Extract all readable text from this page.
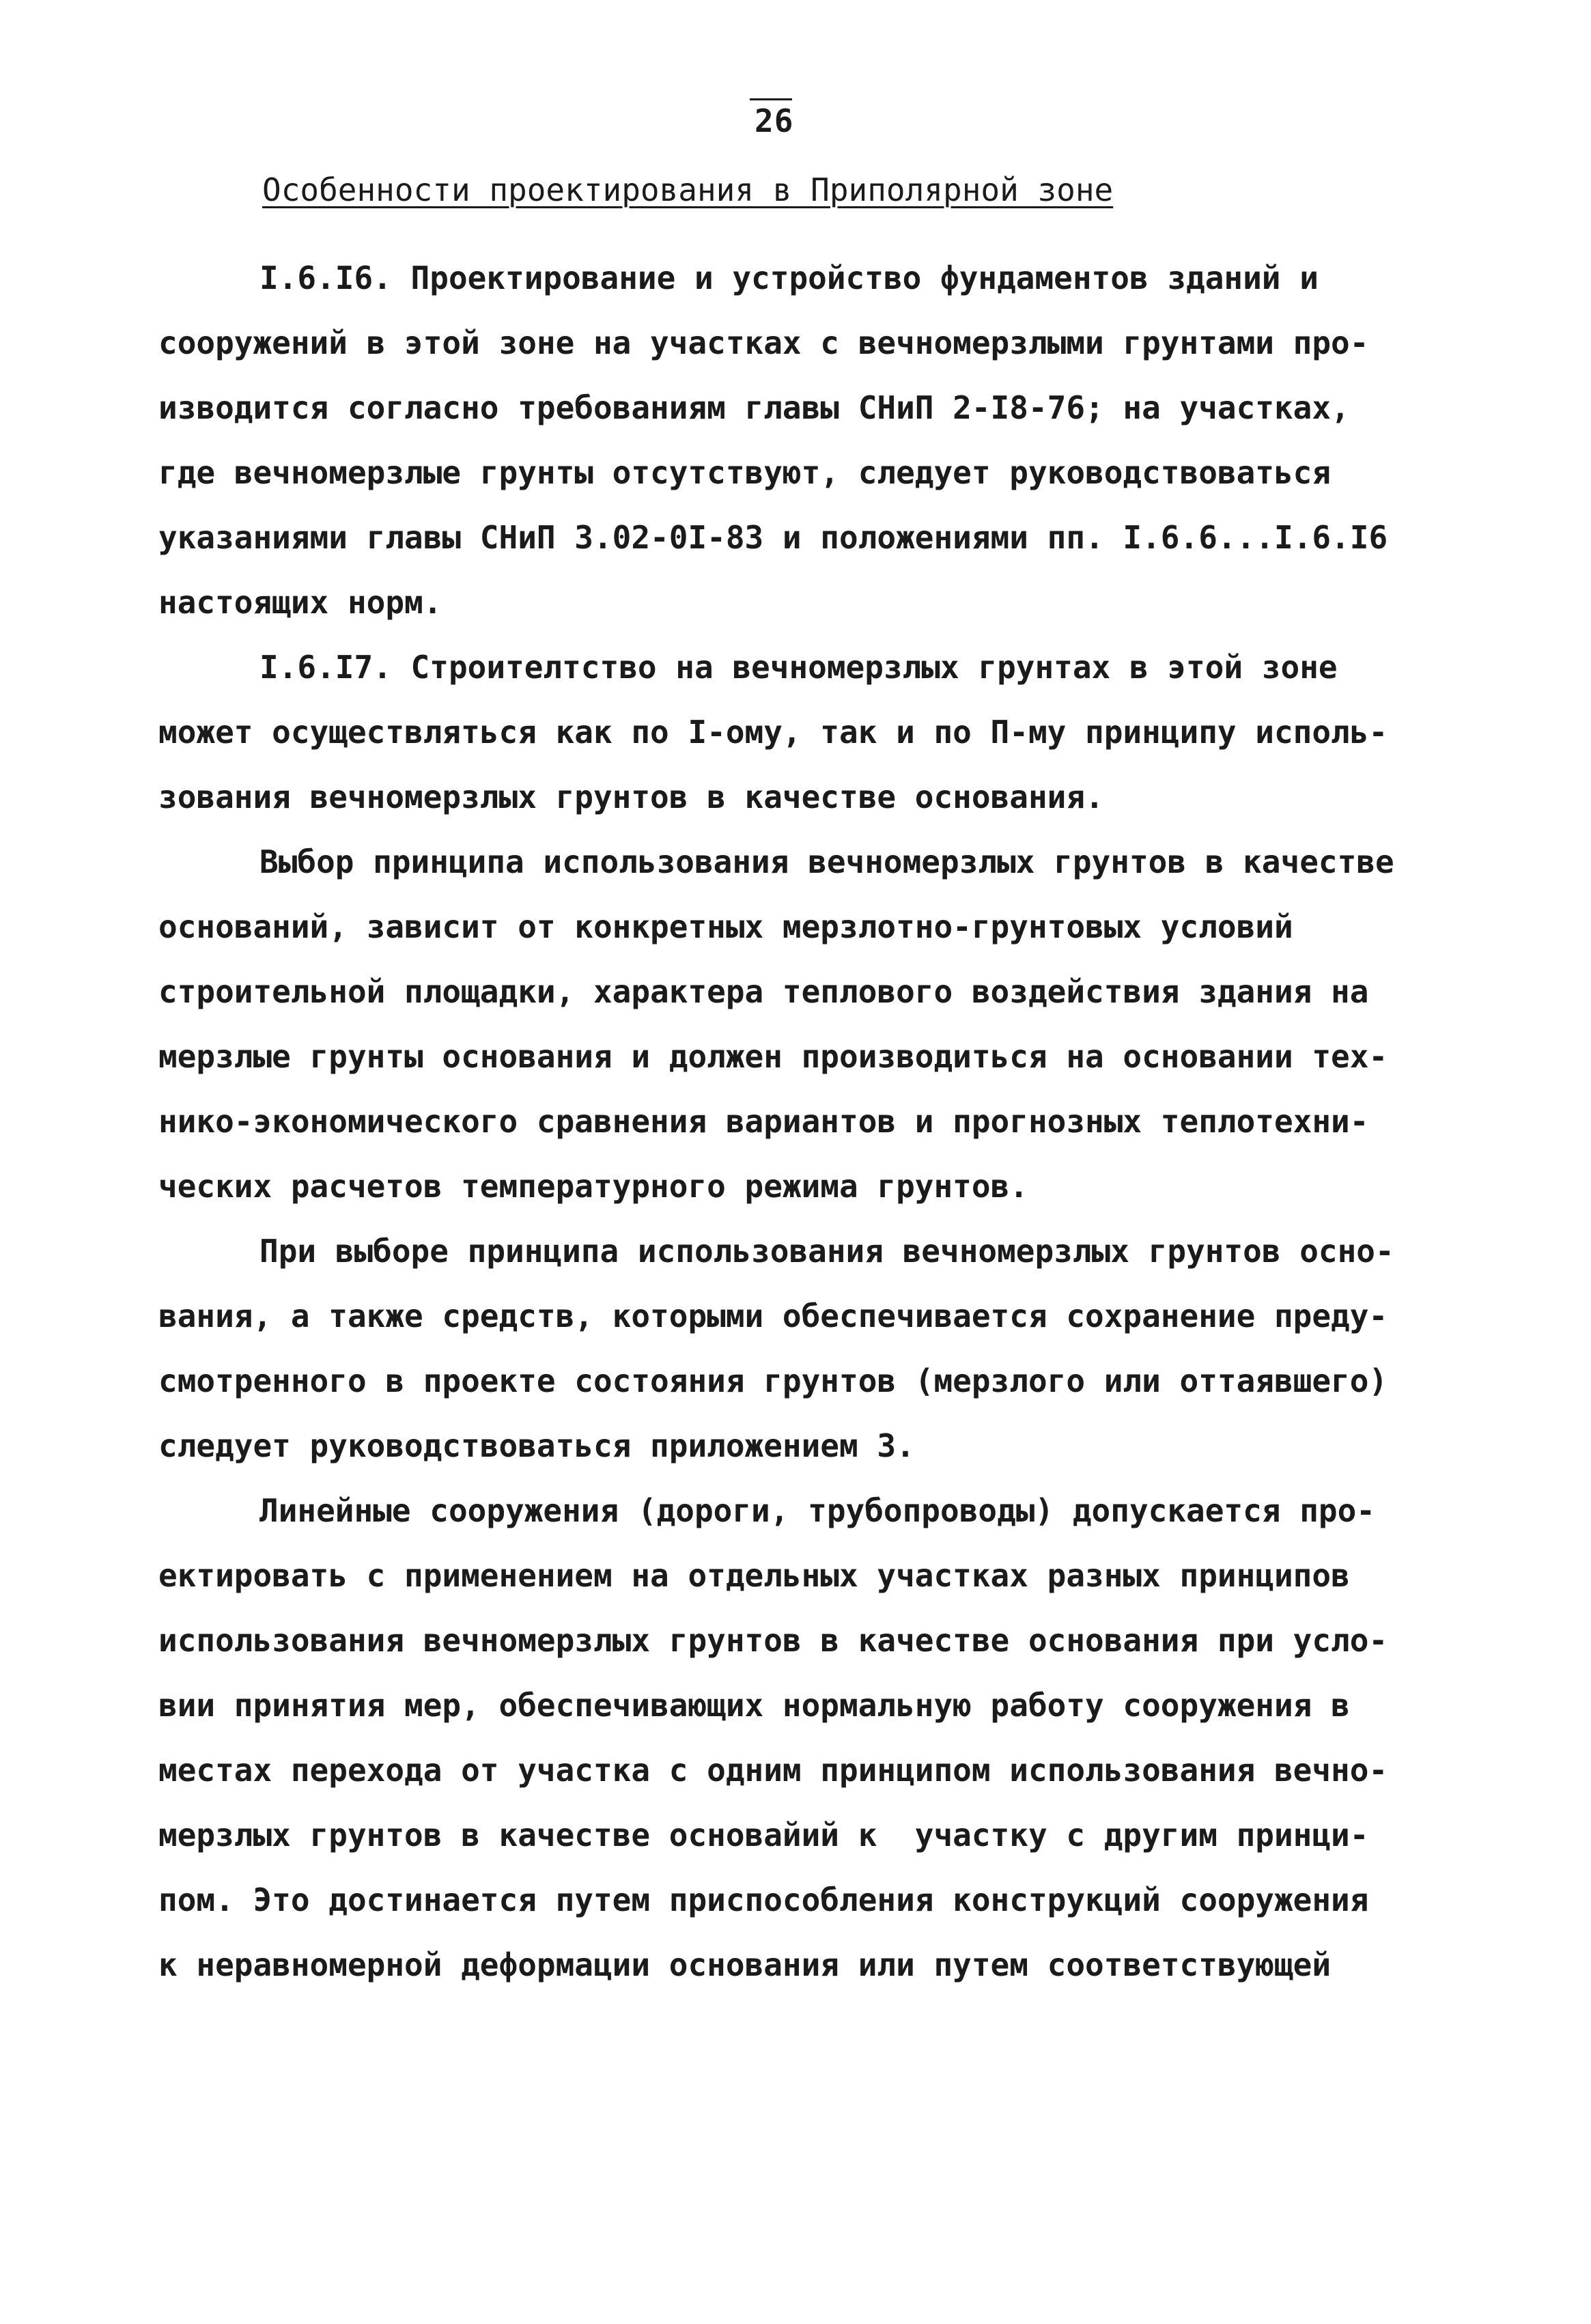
26
Особенности проектирования в Приполярной зоне
I.6.I6. Проектирование и устройство фундаментов зданий и
сооружений в этой зоне на участках с вечномерзлыми грунтами про-
изводится согласно требованиям главы СНиП 2-I8-76; на участках,
где вечномерзлые грунты отсутствуют, следует руководствоваться
указаниями главы СНиП 3.02-0I-83 и положениями пп. I.6.6...I.6.I6
настоящих норм.
I.6.I7. Строителтство на вечномерзлых грунтах в этой зоне
может осуществляться как по I-ому, так и по П-му принципу исполь-
зования вечномерзлых грунтов в качестве основания.
Выбор принципа использования вечномерзлых грунтов в качестве
оснований, зависит от конкретных мерзлотно-грунтовых условий
строительной площадки, характера теплового воздействия здания на
мерзлые грунты основания и должен производиться на основании тех-
нико-экономического сравнения вариантов и прогнозных теплотехни-
ческих расчетов температурного режима грунтов.
При выборе принципа использования вечномерзлых грунтов осно-
вания, а также средств, которыми обеспечивается сохранение преду-
смотренного в проекте состояния грунтов (мерзлого или оттаявшего)
следует руководствоваться приложением 3.
Линейные сооружения (дороги, трубопроводы) допускается про-
ектировать с применением на отдельных участках разных принципов
использования вечномерзлых грунтов в качестве основания при усло-
вии принятия мер, обеспечивающих нормальную работу сооружения в
местах перехода от участка с одним принципом использования вечно-
мерзлых грунтов в качестве основайий к  участку с другим принци-
пом. Это достинается путем приспособления конструкций сооружения
к неравномерной деформации основания или путем соответствующей
